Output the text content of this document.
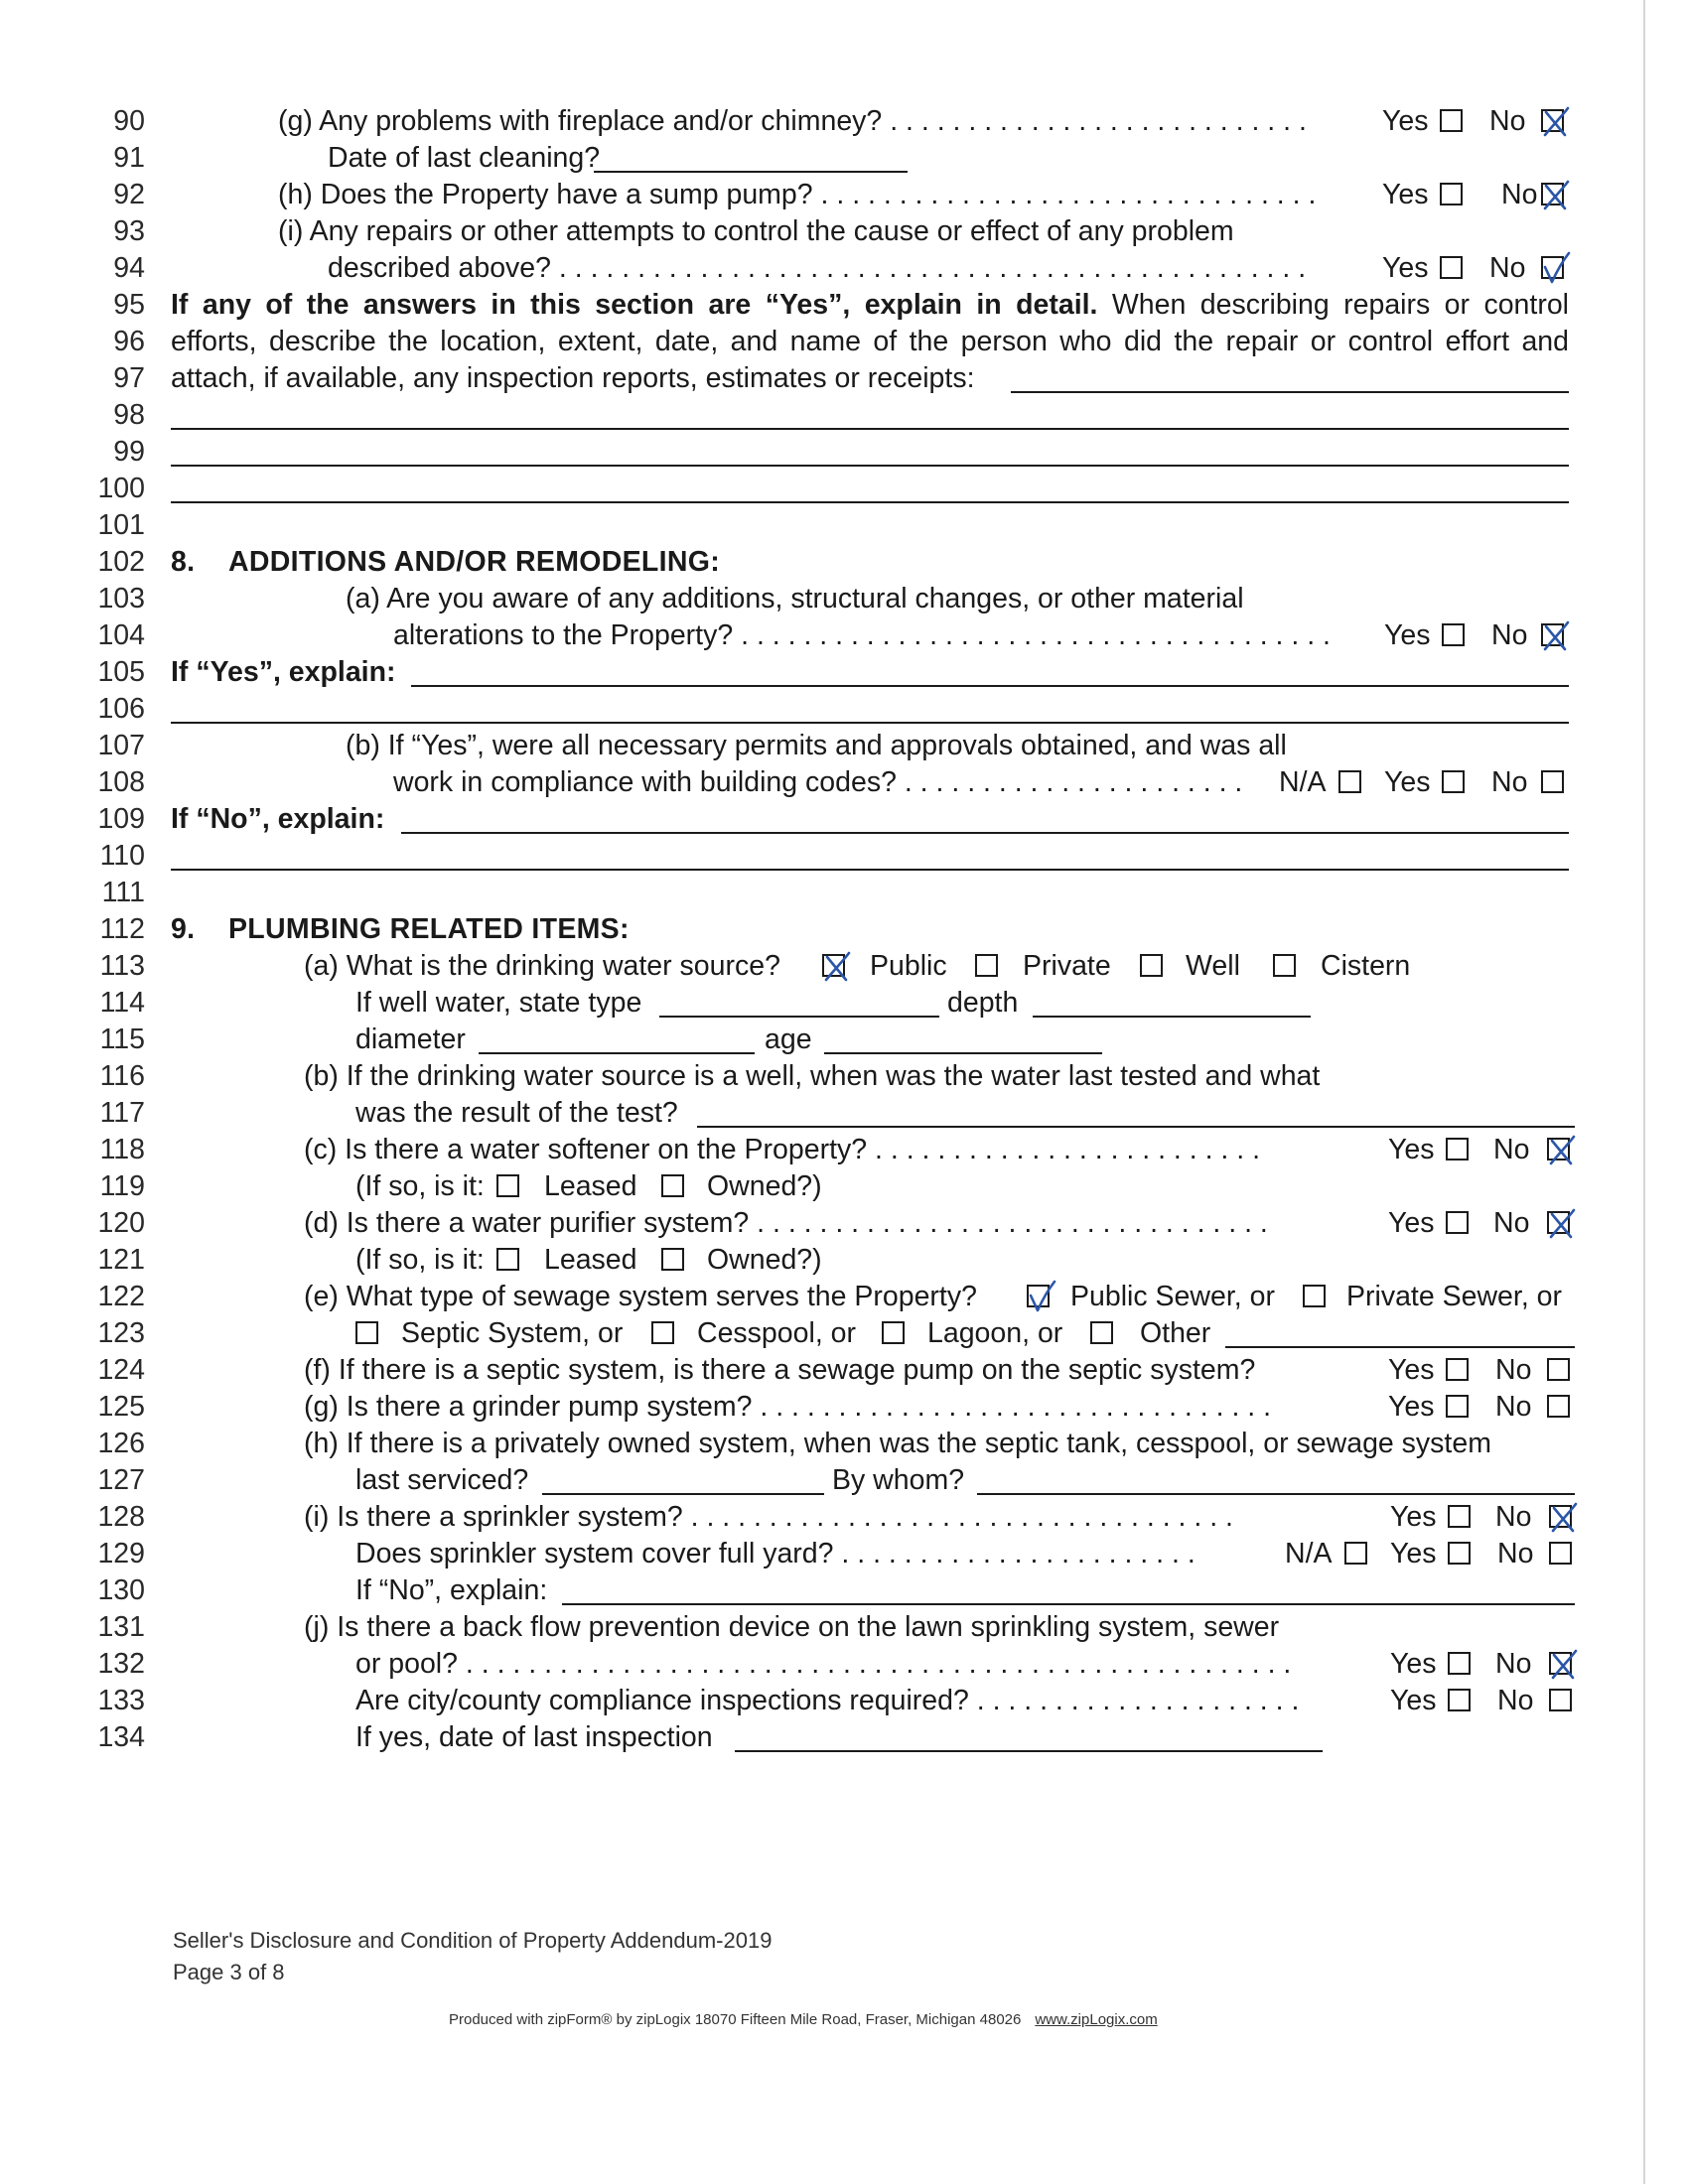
90	(g) Any problems with fireplace and/or chimney? . . . . . . . . . . . . . . . . . . . . . . . . . . .	Yes No
91	Date of last cleaning?
92	(h) Does the Property have a sump pump? . . . . . . . . . . . . . . . . . . . . . . . . . . . . . . . . Yes	No
93	(i) Any repairs or other attempts to control the cause or effect of any problem
94	described above? . . . . . . . . . . . . . . . . . . . . . . . . . . . . . . . . . . . . . . . . . . . . . . . .	Yes No
95 If any of the answers in this section are “Yes”, explain in detail. When describing repairs or control
96 efforts, describe the location, extent, date, and name of the person who did the repair or control effort and
97 attach, if available, any inspection reports, estimates or receipts:
98
99
100
101
102 8. ADDITIONS AND/OR REMODELING:
103	(a) Are you aware of any additions, structural changes, or other material
104	alterations to the Property? . . . . . . . . . . . . . . . . . . . . . . . . . . . . . . . . . . . . . . Yes No
105 If “Yes”, explain:
106
107	(b) If “Yes”, were all necessary permits and approvals obtained, and was all
108	work in compliance with building codes? . . . . . . . . . . . . . . . . . . . . . . N/A Yes No
109 If “No”, explain:
110
111
112 9. PLUMBING RELATED ITEMS:
113	(a) What is the drinking water source?	Public	Private	Well	Cistern
114	If well water, state type	depth
115	diameter	age
116	(b) If the drinking water source is a well, when was the water last tested and what
117	was the result of the test?
118	(c) Is there a water softener on the Property? . . . . . . . . . . . . . . . . . . . . . . . . .	Yes No
119	(If so, is it: Leased Owned?)
120	(d) Is there a water purifier system? . . . . . . . . . . . . . . . . . . . . . . . . . . . . . . . . .	Yes No
121	(If so, is it: Leased Owned?)
122	(e) What type of sewage system serves the Property?	Public Sewer, or	Private Sewer, or
123	Septic System, or	Cesspool, or	Lagoon, or	Other
124	(f) If there is a septic system, is there a sewage pump on the septic system?	Yes No
125	(g) Is there a grinder pump system? . . . . . . . . . . . . . . . . . . . . . . . . . . . . . . . . .	Yes No
126	(h) If there is a privately owned system, when was the septic tank, cesspool, or sewage system
127	last serviced?	By whom?
128	(i) Is there a sprinkler system? . . . . . . . . . . . . . . . . . . . . . . . . . . . . . . . . . . .	Yes No
129	Does sprinkler system cover full yard? . . . . . . . . . . . . . . . . . . . . . . .	N/A Yes No
130	If “No”, explain:
131	(j) Is there a back flow prevention device on the lawn sprinkling system, sewer
132	or pool? . . . . . . . . . . . . . . . . . . . . . . . . . . . . . . . . . . . . . . . . . . . . . . . . . . . . .	Yes No
133	Are city/county compliance inspections required? . . . . . . . . . . . . . . . . . . . . .	Yes No
134	If yes, date of last inspection
Seller's Disclosure and Condition of Property Addendum-2019
Page 3 of 8
Produced with zipForm® by zipLogix 18070 Fifteen Mile Road, Fraser, Michigan 48026 www.zipLogix.com
